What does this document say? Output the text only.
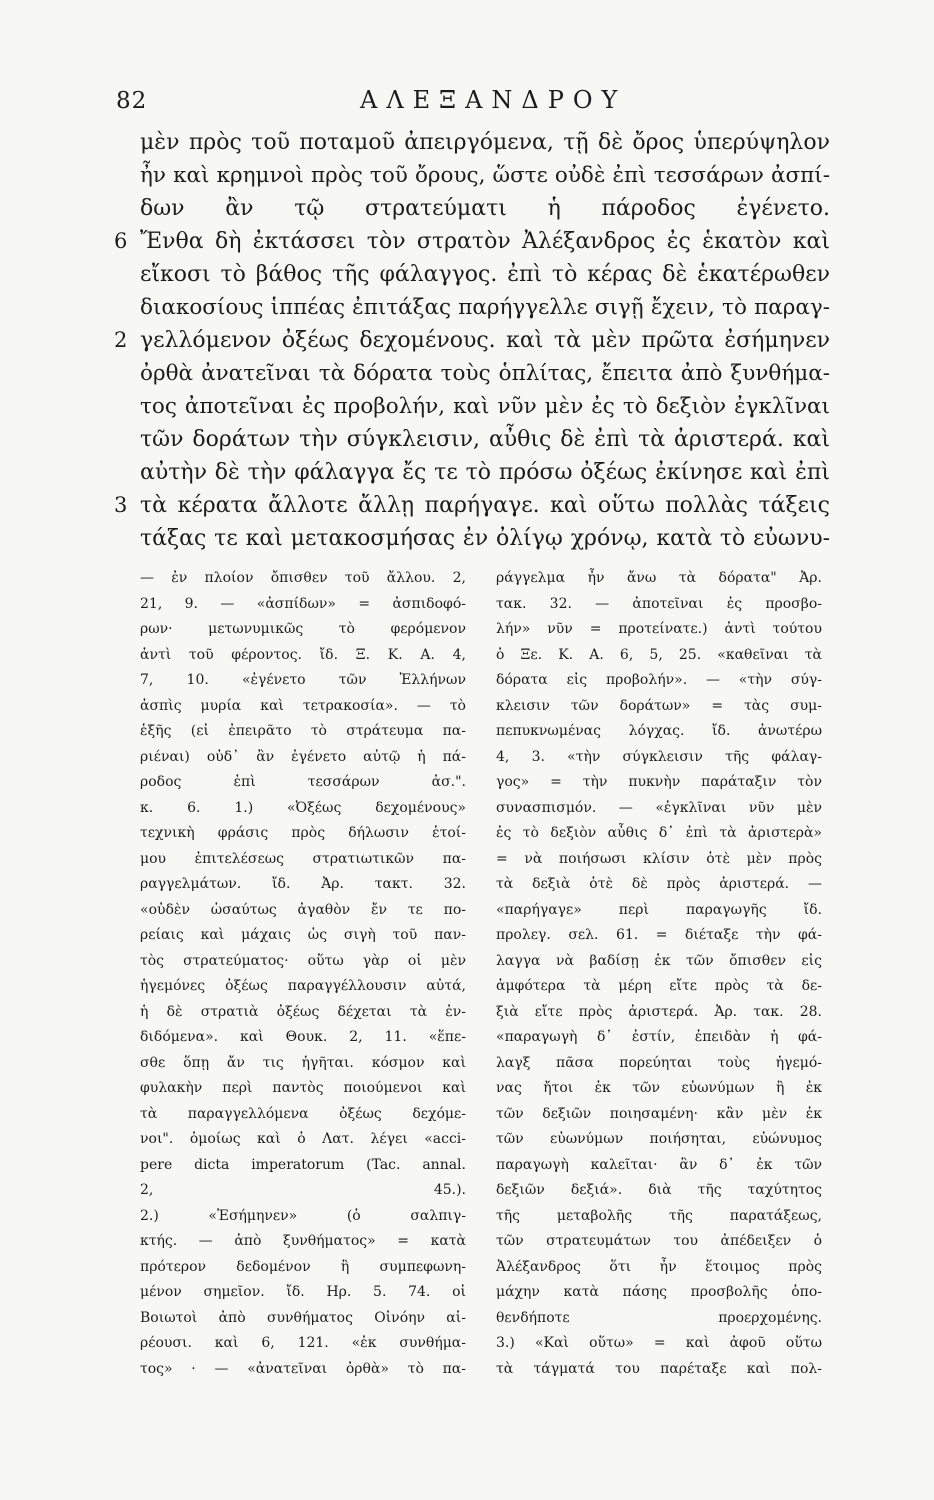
82	ΑΛΕΞΑΝΔΡΟΥ
μὲν πρὸς τοῦ ποταμοῦ ἀπειργόμενα, τῇ δὲ ὄρος ὑπερύψηλον
ἦν καὶ κρημνοὶ πρὸς τοῦ ὄρους, ὥστε οὐδὲ ἐπὶ τεσσάρων ἀσπί-
δων ἂν τῷ στρατεύματι ἡ πάροδος ἐγένετο.
6 Ἔνθα δὴ ἐκτάσσει τὸν στρατὸν Ἀλέξανδρος ἐς ἑκατὸν καὶ
εἴκοσι τὸ βάθος τῆς φάλαγγος. ἐπὶ τὸ κέρας δὲ ἑκατέρωθεν
διακοσίους ἱππέας ἐπιτάξας παρήγγελλε σιγῇ ἔχειν, τὸ παραγ-
2 γελλόμενον ὀξέως δεχομένους. καὶ τὰ μὲν πρῶτα ἐσήμηνεν
ὀρθὰ ἀνατεῖναι τὰ δόρατα τοὺς ὁπλίτας, ἔπειτα ἀπὸ ξυνθήμα-
τος ἀποτεῖναι ἐς προβολήν, καὶ νῦν μὲν ἐς τὸ δεξιὸν ἐγκλῖναι
τῶν δοράτων τὴν σύγκλεισιν, αὖθις δὲ ἐπὶ τὰ ἀριστερά. καὶ
αὐτὴν δὲ τὴν φάλαγγα ἔς τε τὸ πρόσω ὀξέως ἐκίνησε καὶ ἐπὶ
3 τὰ κέρατα ἄλλοτε ἄλλῃ παρήγαγε. καὶ οὕτω πολλὰς τάξεις
τάξας τε καὶ μετακοσμήσας ἐν ὀλίγῳ χρόνῳ, κατὰ τὸ εὐωνυ-
— ἐν πλοίον ὄπισθεν τοῦ ἄλλου. 2,
21, 9. — «ἀσπίδων» = ἀσπιδοφό-
ρων· μετωνυμικῶς τὸ φερόμενον
ἀντὶ τοῦ φέροντος. ἴδ. Ξ. Κ. Α. 4,
7, 10. «ἐγένετο τῶν Ἑλλήνων
ἀσπὶς μυρία καὶ τετρακοσία». — τὸ
ἑξῆς (εἰ ἐπειρᾶτο τὸ στράτευμα πα-
ριέναι) οὐδ᾽ ἂν ἐγένετο αὐτῷ ἡ πά-
ροδος ἐπὶ τεσσάρων ἀσ.".
κ. 6. 1.) «Ὀξέως δεχομένους»
τεχνικὴ φράσις πρὸς δήλωσιν ἑτοί-
μου ἐπιτελέσεως στρατιωτικῶν πα-
ραγγελμάτων. ἴδ. Ἀρ. τακτ. 32.
«οὐδὲν ὡσαύτως ἀγαθὸν ἔν τε πο-
ρείαις καὶ μάχαις ὡς σιγὴ τοῦ παν-
τὸς στρατεύματος· οὕτω γὰρ οἱ μὲν
ἡγεμόνες ὀξέως παραγγέλλουσιν αὐτά,
ἡ δὲ στρατιὰ ὀξέως δέχεται τὰ ἐν-
διδόμενα». καὶ Θουκ. 2, 11. «ἕπε-
σθε ὅπῃ ἄν τις ἡγῆται. κόσμον καὶ
φυλακὴν περὶ παντὸς ποιούμενοι καὶ
τὰ παραγγελλόμενα ὀξέως δεχόμε-
νοι". ὁμοίως καὶ ὁ Λατ. λέγει «acci-
pere dicta imperatorum (Tac. annal.
2, 45.).
2.) «Ἐσήμηνεν» (ὁ σαλπιγ-
κτής. — ἀπὸ ξυνθήματος» = κατὰ
πρότερον δεδομένον ἢ συμπεφωνη-
μένον σημεῖον. ἴδ. Ηρ. 5. 74. οἱ
Βοιωτοὶ ἀπὸ συνθήματος Οἰνόην αἱ-
ρέουσι. καὶ 6, 121. «ἐκ συνθήμα-
τος» · — «ἀνατεῖναι ὀρθὰ» τὸ πα-
ράγγελμα ἦν ἄνω τὰ δόρατα" Ἀρ.
τακ. 32. — ἀποτεῖναι ἐς προσβο-
λήν» νῦν = προτείνατε.) ἀντὶ τούτου
ὁ Ξε. Κ. Α. 6, 5, 25. «καθεῖναι τὰ
δόρατα εἰς προβολήν». — «τὴν σύγ-
κλεισιν τῶν δοράτων» = τὰς συμ-
πεπυκνωμένας λόγχας. ἴδ. ἀνωτέρω
4, 3. «τὴν σύγκλεισιν τῆς φάλαγ-
γος» = τὴν πυκνὴν παράταξιν τὸν
συνασπισμόν. — «ἐγκλῖναι νῦν μὲν
ἐς τὸ δεξιὸν αὖθις δ᾽ ἐπὶ τὰ ἀριστερὰ»
= νὰ ποιήσωσι κλίσιν ὁτὲ μὲν πρὸς
τὰ δεξιὰ ὁτὲ δὲ πρὸς ἀριστερά. —
«παρήγαγε» περὶ παραγωγῆς ἴδ.
προλεγ. σελ. 61. = διέταξε τὴν φά-
λαγγα νὰ βαδίσῃ ἐκ τῶν ὄπισθεν εἰς
ἀμφότερα τὰ μέρη εἴτε πρὸς τὰ δε-
ξιὰ εἴτε πρὸς ἀριστερά. Ἀρ. τακ. 28.
«παραγωγὴ δ᾽ ἐστίν, ἐπειδὰν ἡ φά-
λαγξ πᾶσα πορεύηται τοὺς ἡγεμό-
νας ἤτοι ἐκ τῶν εὐωνύμων ἢ ἐκ
τῶν δεξιῶν ποιησαμένη· κἂν μὲν ἐκ
τῶν εὐωνύμων ποιήσηται, εὐώνυμος
παραγωγὴ καλεῖται· ἂν δ᾽ ἐκ τῶν
δεξιῶν δεξιά». διὰ τῆς ταχύτητος
τῆς μεταβολῆς τῆς παρατάξεως,
τῶν στρατευμάτων του ἀπέδειξεν ὁ
Ἀλέξανδρος ὅτι ἦν ἕτοιμος πρὸς
μάχην κατὰ πάσης προσβολῆς ὁπο-
θενδήποτε προερχομένης.
3.) «Καὶ οὕτω» = καὶ ἀφοῦ οὕτω
τὰ τάγματά του παρέταξε καὶ πολ-
